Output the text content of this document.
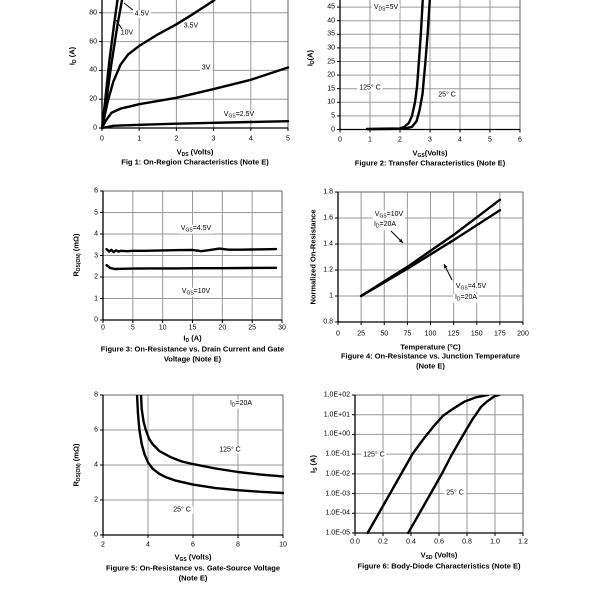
0	1	2	3	4	5
0
20
40
60
80
$V_{DS}$ (Volts)
$I_D$ (A)
Fig 1: On-Region Characteristics (Note E)
4.5V
10V
3.5V
3V
$V_{GS}=2.5V$
0	1	2	3	4	5	6
0
5
10
15
20
25
30
35
40
45
$V_{GS}(Volts)$
$I_D(A)$
Figure 2: Transfer Characteristics (Note E)
$V_{DS}=5V$
125° C
25° C
0	5	10	15	20	25	30
0
1
2
3
4
5
6
$I_D$ (A)
$R_{DS(ON)}$ (mΩ)
Figure 3: On-Resistance vs. Drain Current and Gate
Voltage (Note E)
$V_{GS}=4.5V$
$V_{GS}=10V$
0 25 50 75 100 125 150 175 200
0.8
1
1.2
1.4
1.6
1.8
Temperature (°C)
Normalized On-Resistance
Figure 4: On-Resistance vs. Junction Temperature
(Note E)
$V_{GS}=10V$
$I_D=20A$
$V_{GS}=4.5V$
$I_D=20A$
2	4	6	8	10
0
2
4
6
8
$V_{GS}$ (Volts)
$R_{DS(ON)}$ (mΩ)
Figure 5: On-Resistance vs. Gate-Source Voltage
(Note E)
$I_D=20A$
125° C
25° C
0.0	0.2	0.4	0.6	0.8	1.0	1.2
1.0E-05
1.0E-04
1.0E-03
1.0E-02
1.0E-01
1.0E+00
1.0E+01
1.0E+02
$V_{SD}$ (Volts)
$I_S$ (A)
Figure 6: Body-Diode Characteristics (Note E)
125° C
25° C
